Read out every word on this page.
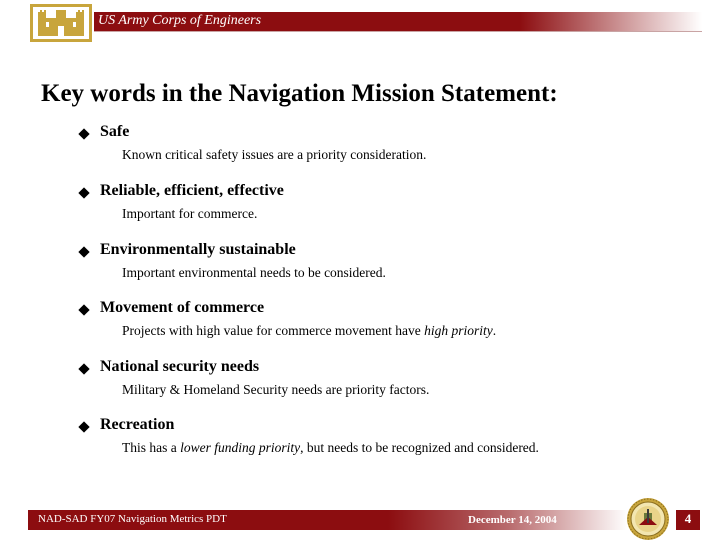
US Army Corps of Engineers
Key words in the Navigation Mission Statement:
Safe
Known critical safety issues are a priority consideration.
Reliable, efficient, effective
Important for commerce.
Environmentally sustainable
Important environmental needs to be considered.
Movement of commerce
Projects with high value for commerce movement have high priority.
National security needs
Military & Homeland Security needs are priority factors.
Recreation
This has a lower funding priority, but needs to be recognized and considered.
NAD-SAD FY07 Navigation Metrics PDT	December 14, 2004	4
